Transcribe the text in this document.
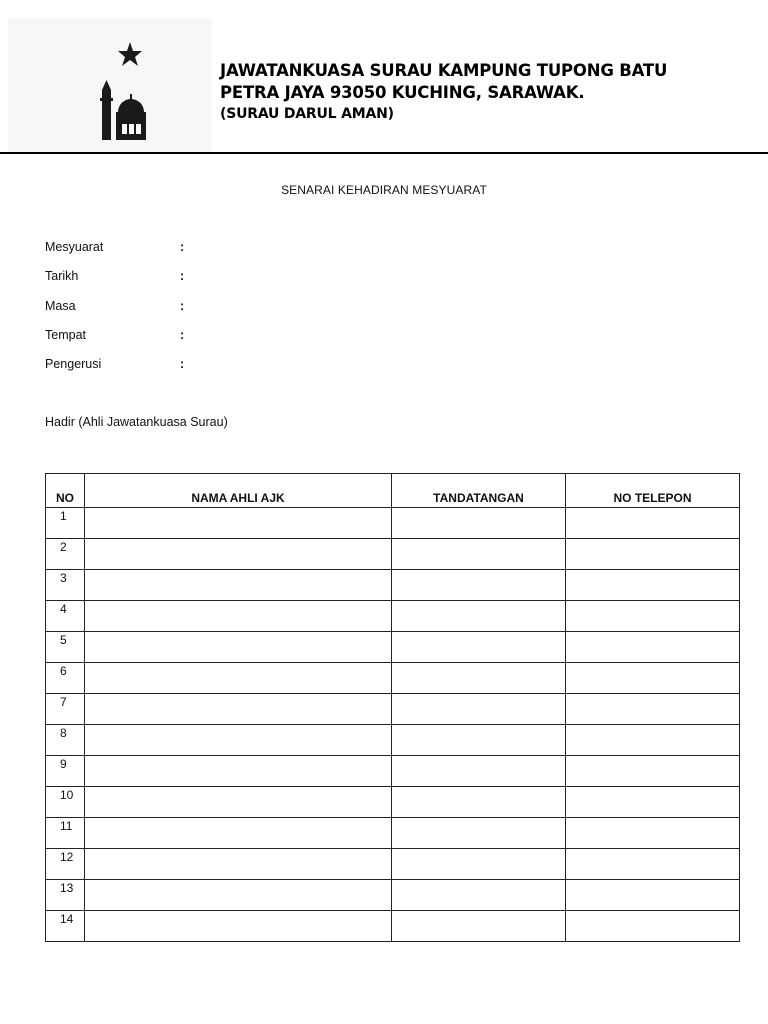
JAWATANKUASA SURAU KAMPUNG TUPONG BATU
PETRA JAYA 93050 KUCHING, SARAWAK.
(SURAU DARUL AMAN)
SENARAI KEHADIRAN MESYUARAT
Mesyuarat	:
Tarikh	:
Masa	:
Tempat	:
Pengerusi	:
Hadir (Ahli Jawatankuasa Surau)
NO	NAMA AHLI AJK	TANDATANGAN	NO TELEPON
1			
2			
3			
4			
5			
6			
7			
8			
9			
10			
11			
12			
13			
14			
